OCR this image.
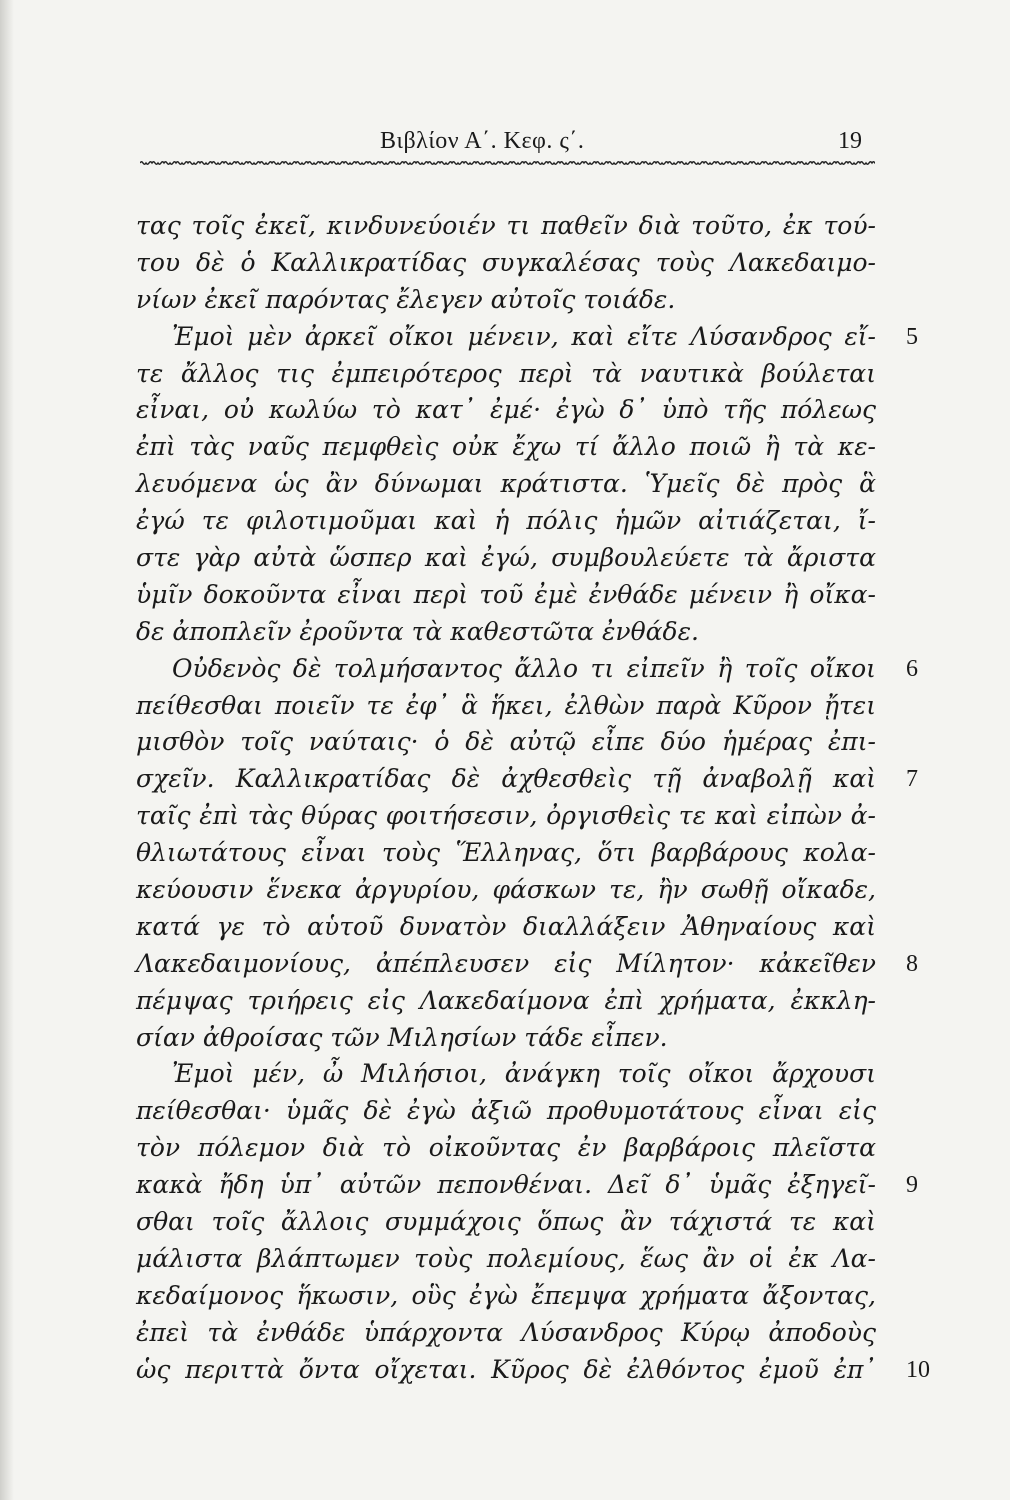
Βιβλίον Α΄. Κεφ. ς΄.	19
τας τοῖς ἐκεῖ, κινδυνεύοιέν τι παθεῖν διὰ τοῦτο, ἐκ τού-
του δὲ ὁ Καλλικρατίδας συγκαλέσας τοὺς Λακεδαιμο-
νίων ἐκεῖ παρόντας ἔλεγεν αὐτοῖς τοιάδε.
Ἐμοὶ μὲν ἀρκεῖ οἴκοι μένειν, καὶ εἴτε Λύσανδρος εἴ- 5
τε ἄλλος τις ἐμπειρότερος περὶ τὰ ναυτικὰ βούλεται
εἶναι, οὐ κωλύω τὸ κατ᾽ ἐμέ· ἐγὼ δ᾽ ὑπὸ τῆς πόλεως
ἐπὶ τὰς ναῦς πεμφθεὶς οὐκ ἔχω τί ἄλλο ποιῶ ἢ τὰ κε-
λευόμενα ὡς ἂν δύνωμαι κράτιστα. Ὑμεῖς δὲ πρὸς ἃ
ἐγώ τε φιλοτιμοῦμαι καὶ ἡ πόλις ἡμῶν αἰτιάζεται, ἴ-
στε γὰρ αὐτὰ ὥσπερ καὶ ἐγώ, συμβουλεύετε τὰ ἄριστα
ὑμῖν δοκοῦντα εἶναι περὶ τοῦ ἐμὲ ἐνθάδε μένειν ἢ οἴκα-
δε ἀποπλεῖν ἐροῦντα τὰ καθεστῶτα ἐνθάδε.
Οὐδενὸς δὲ τολμήσαντος ἄλλο τι εἰπεῖν ἢ τοῖς οἴκοι 6
πείθεσθαι ποιεῖν τε ἐφ᾽ ἃ ἥκει, ἐλθὼν παρὰ Κῦρον ᾔτει
μισθὸν τοῖς ναύταις· ὁ δὲ αὐτῷ εἶπε δύο ἡμέρας ἐπι-
σχεῖν. Καλλικρατίδας δὲ ἀχθεσθεὶς τῇ ἀναβολῇ καὶ 7
ταῖς ἐπὶ τὰς θύρας φοιτήσεσιν, ὀργισθεὶς τε καὶ εἰπὼν ἀ-
θλιωτάτους εἶναι τοὺς Ἕλληνας, ὅτι βαρβάρους κολα-
κεύουσιν ἕνεκα ἀργυρίου, φάσκων τε, ἢν σωθῇ οἴκαδε,
κατά γε τὸ αὑτοῦ δυνατὸν διαλλάξειν Ἀθηναίους καὶ
Λακεδαιμονίους, ἀπέπλευσεν εἰς Μίλητον· κἀκεῖθεν 8
πέμψας τριήρεις εἰς Λακεδαίμονα ἐπὶ χρήματα, ἐκκλη-
σίαν ἀθροίσας τῶν Μιλησίων τάδε εἶπεν.
Ἐμοὶ μέν, ὦ Μιλήσιοι, ἀνάγκη τοῖς οἴκοι ἄρχουσι
πείθεσθαι· ὑμᾶς δὲ ἐγὼ ἀξιῶ προθυμοτάτους εἶναι εἰς
τὸν πόλεμον διὰ τὸ οἰκοῦντας ἐν βαρβάροις πλεῖστα
κακὰ ἤδη ὑπ᾽ αὐτῶν πεπονθέναι. Δεῖ δ᾽ ὑμᾶς ἐξηγεῖ- 9
σθαι τοῖς ἄλλοις συμμάχοις ὅπως ἂν τάχιστά τε καὶ
μάλιστα βλάπτωμεν τοὺς πολεμίους, ἕως ἂν οἱ ἐκ Λα-
κεδαίμονος ἥκωσιν, οὓς ἐγὼ ἔπεμψα χρήματα ἄξοντας,
ἐπεὶ τὰ ἐνθάδε ὑπάρχοντα Λύσανδρος Κύρῳ ἀποδοὺς
ὡς περιττὰ ὄντα οἴχεται. Κῦρος δὲ ἐλθόντος ἐμοῦ ἐπ᾽ 10
